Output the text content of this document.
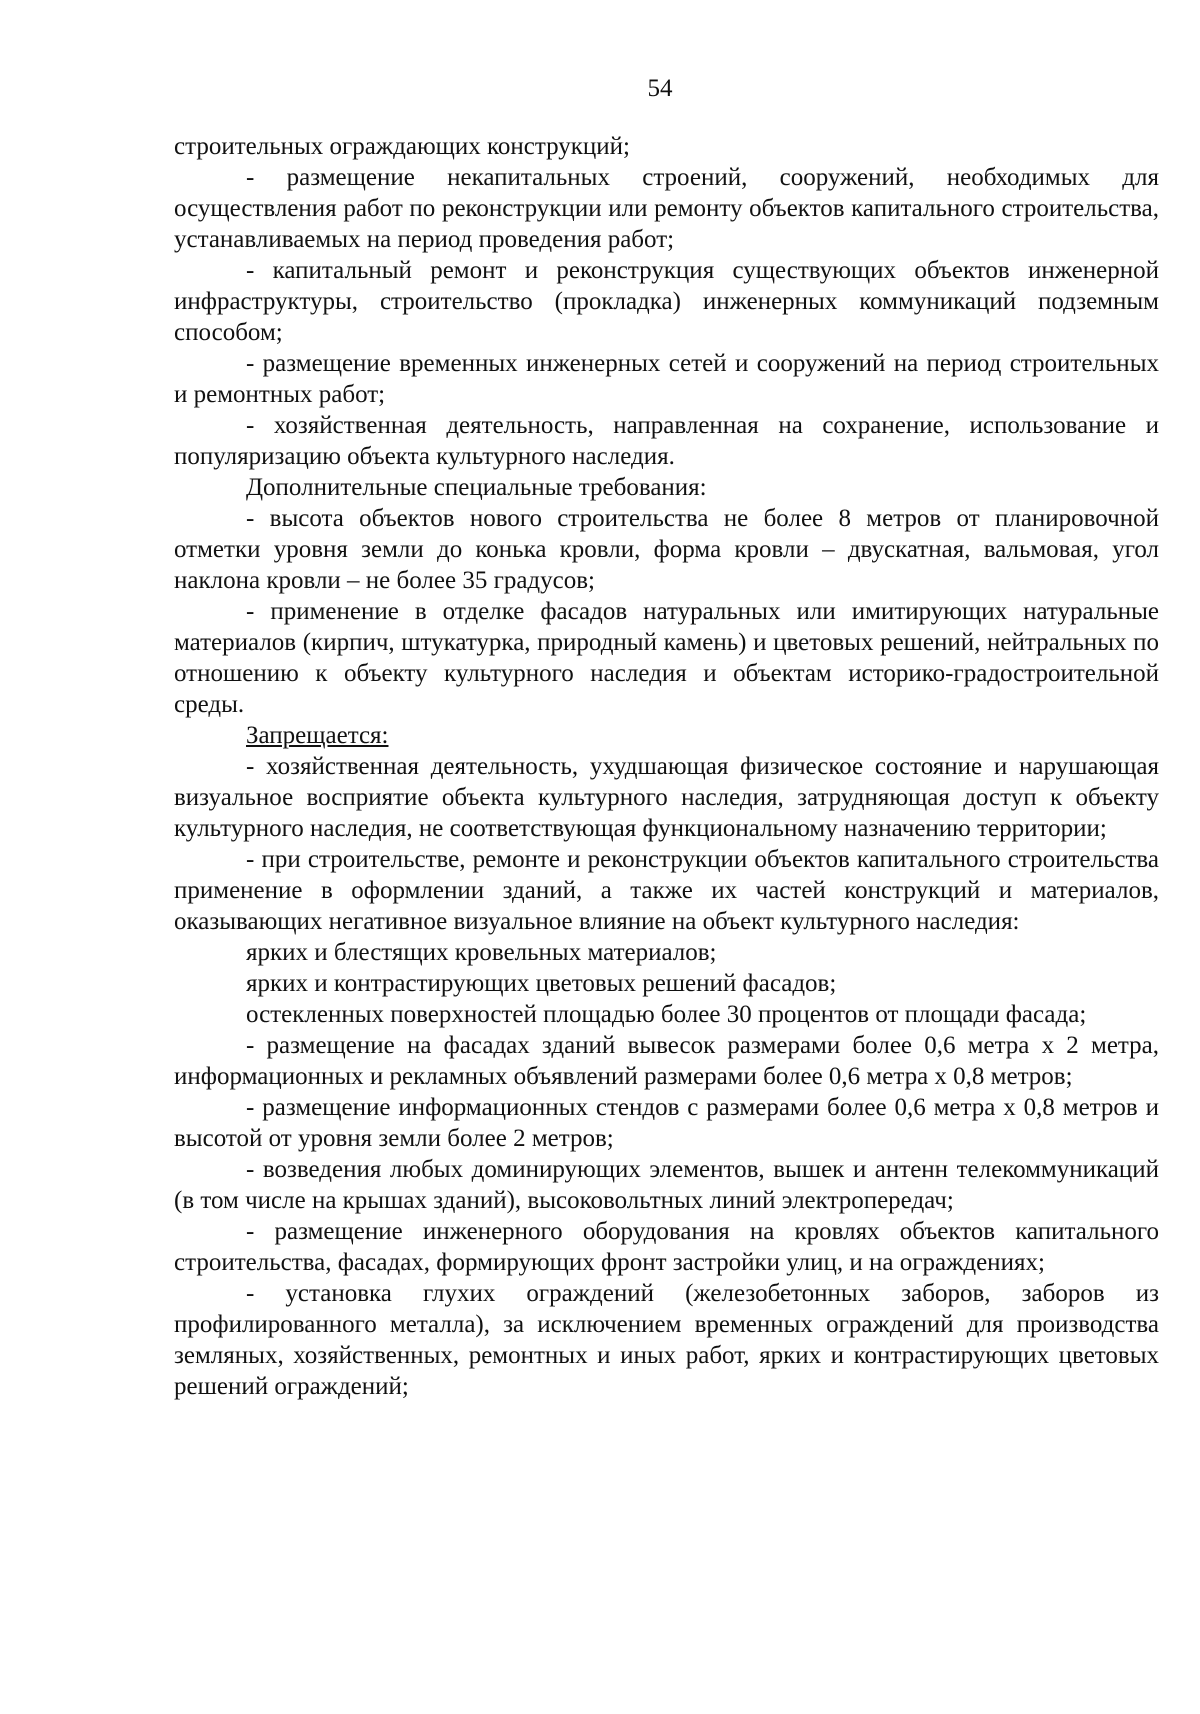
54

строительных ограждающих конструкций;

- размещение некапитальных строений, сооружений, необходимых для осуществления работ по реконструкции или ремонту объектов капитального строительства, устанавливаемых на период проведения работ;

- капитальный ремонт и реконструкция существующих объектов инженерной инфраструктуры, строительство (прокладка) инженерных коммуникаций подземным способом;

- размещение временных инженерных сетей и сооружений на период строительных и ремонтных работ;

- хозяйственная деятельность, направленная на сохранение, использование и популяризацию объекта культурного наследия.

Дополнительные специальные требования:

- высота объектов нового строительства не более 8 метров от планировочной отметки уровня земли до конька кровли, форма кровли – двускатная, вальмовая, угол наклона кровли – не более 35 градусов;

- применение в отделке фасадов натуральных или имитирующих натуральные материалов (кирпич, штукатурка, природный камень) и цветовых решений, нейтральных по отношению к объекту культурного наследия и объектам историко-градостроительной среды.

Запрещается:

- хозяйственная деятельность, ухудшающая физическое состояние и нарушающая визуальное восприятие объекта культурного наследия, затрудняющая доступ к объекту культурного наследия, не соответствующая функциональному назначению территории;

- при строительстве, ремонте и реконструкции объектов капитального строительства применение в оформлении зданий, а также их частей конструкций и материалов, оказывающих негативное визуальное влияние на объект культурного наследия:

ярких и блестящих кровельных материалов;

ярких и контрастирующих цветовых решений фасадов;

остекленных поверхностей площадью более 30 процентов от площади фасада;

- размещение на фасадах зданий вывесок размерами более 0,6 метра х 2 метра, информационных и рекламных объявлений размерами более 0,6 метра х 0,8 метров;

- размещение информационных стендов с размерами более 0,6 метра х 0,8 метров и высотой от уровня земли более 2 метров;

- возведения любых доминирующих элементов, вышек и антенн телекоммуникаций (в том числе на крышах зданий), высоковольтных линий электропередач;

- размещение инженерного оборудования на кровлях объектов капитального строительства, фасадах, формирующих фронт застройки улиц, и на ограждениях;

- установка глухих ограждений (железобетонных заборов, заборов из профилированного металла), за исключением временных ограждений для производства земляных, хозяйственных, ремонтных и иных работ, ярких и контрастирующих цветовых решений ограждений;
